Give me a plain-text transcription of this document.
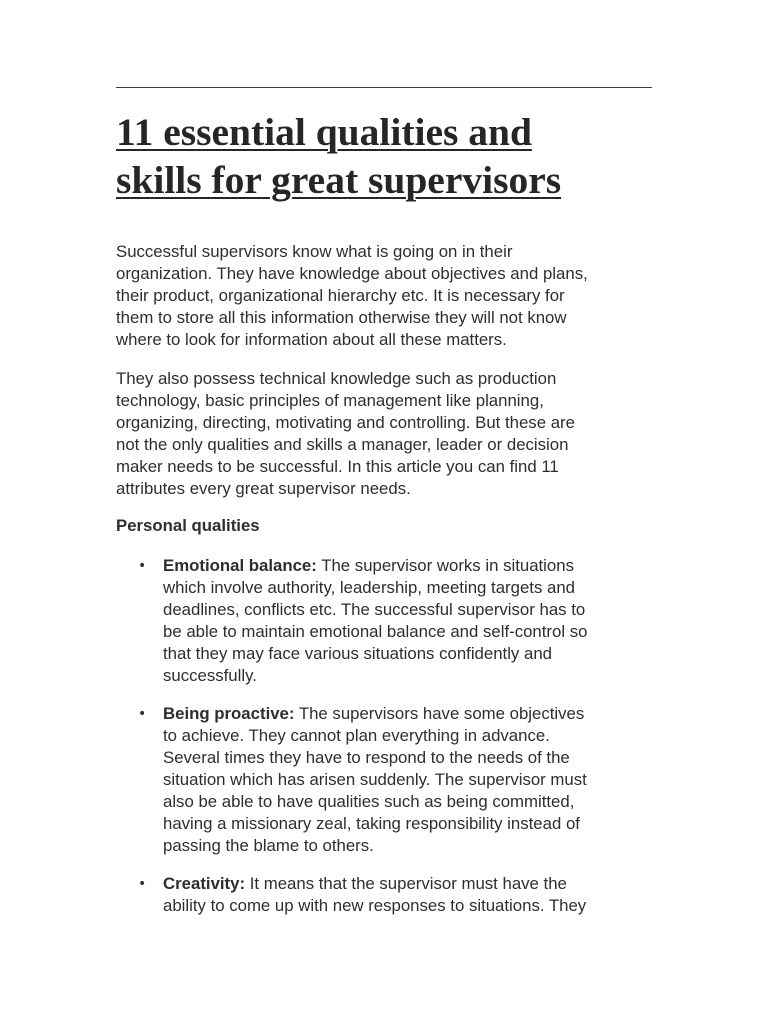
11 essential qualities and
skills for great supervisors

Successful supervisors know what is going on in their
organization. They have knowledge about objectives and plans,
their product, organizational hierarchy etc. It is necessary for
them to store all this information otherwise they will not know
where to look for information about all these matters.

They also possess technical knowledge such as production
technology, basic principles of management like planning,
organizing, directing, motivating and controlling. But these are
not the only qualities and skills a manager, leader or decision
maker needs to be successful. In this article you can find 11
attributes every great supervisor needs.

Personal qualities
• Emotional balance: The supervisor works in situations
which involve authority, leadership, meeting targets and
deadlines, conflicts etc. The successful supervisor has to
be able to maintain emotional balance and self-control so
that they may face various situations confidently and
successfully.
• Being proactive: The supervisors have some objectives
to achieve. They cannot plan everything in advance.
Several times they have to respond to the needs of the
situation which has arisen suddenly. The supervisor must
also be able to have qualities such as being committed,
having a missionary zeal, taking responsibility instead of
passing the blame to others.
• Creativity: It means that the supervisor must have the
ability to come up with new responses to situations. They
